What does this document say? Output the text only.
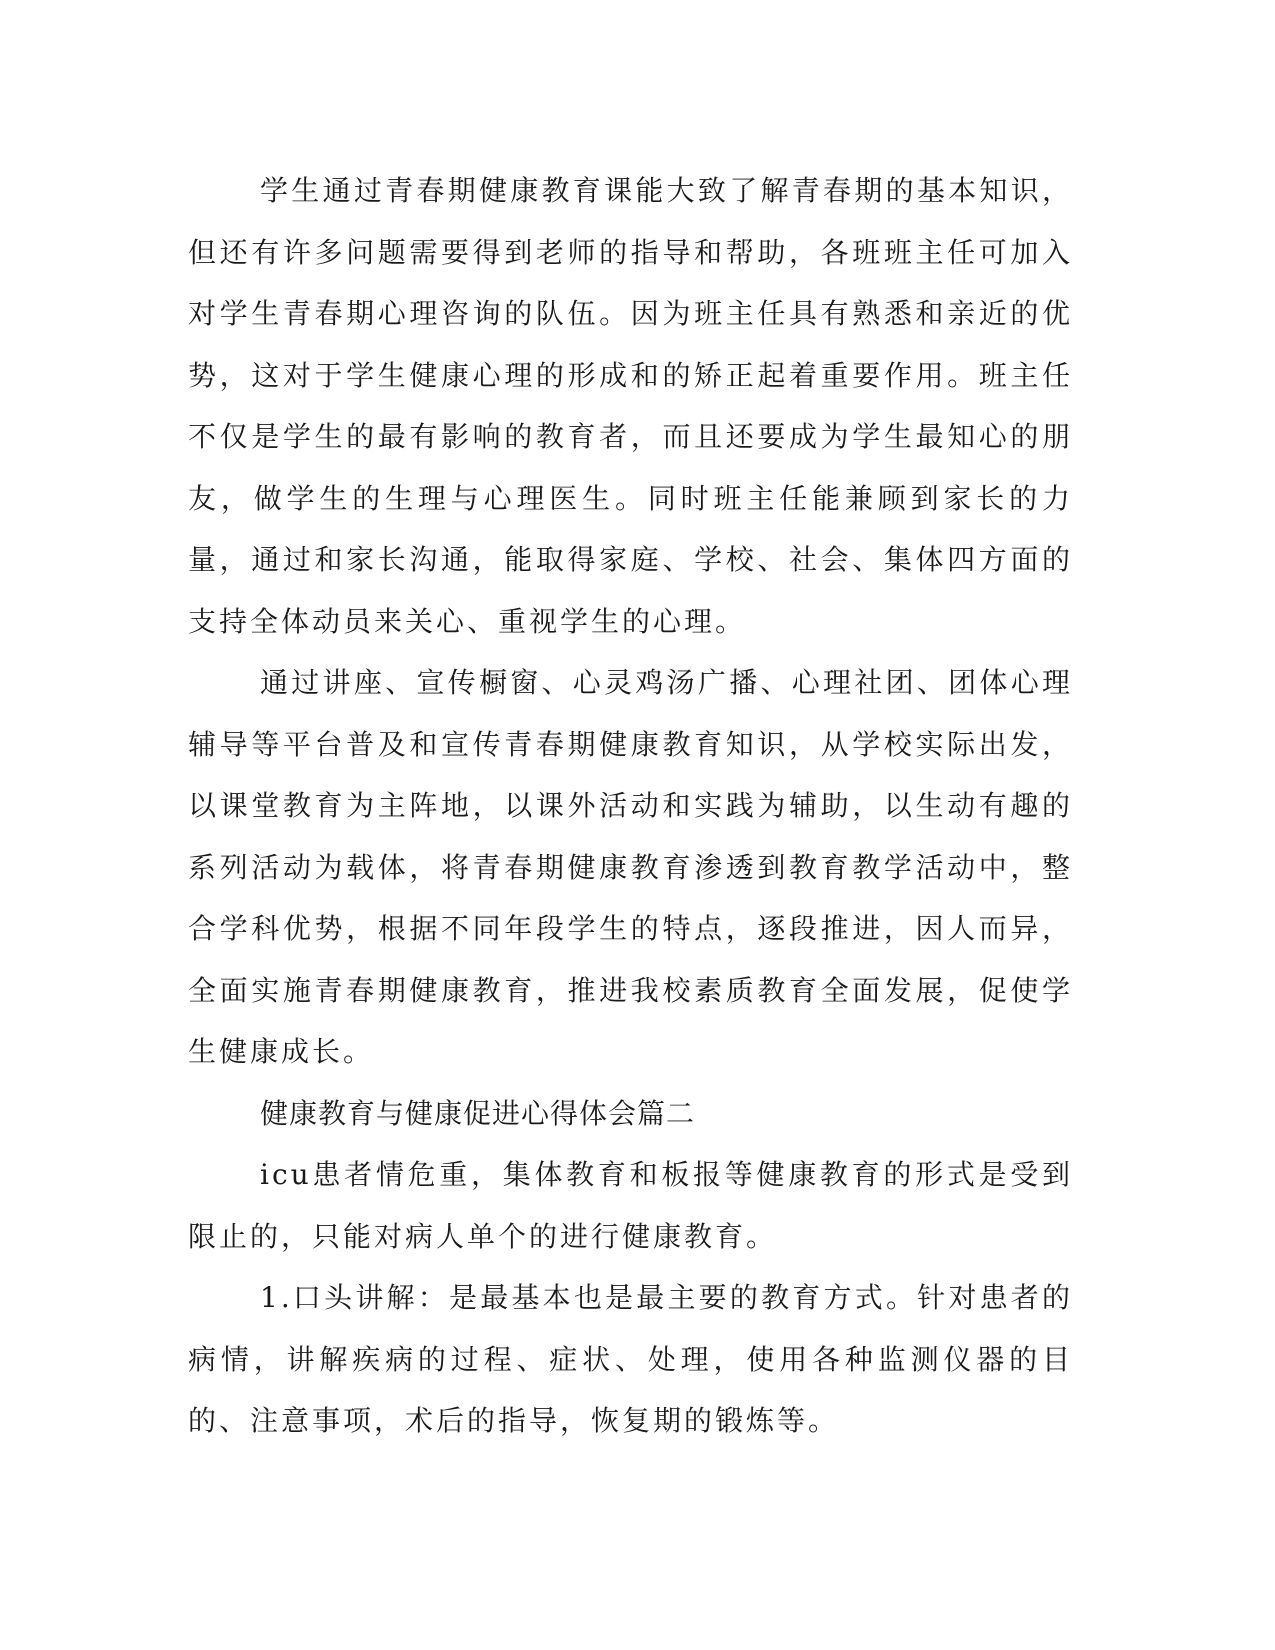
学生通过青春期健康教育课能大致了解青春期的基本知识，但还有许多问题需要得到老师的指导和帮助，各班班主任可加入对学生青春期心理咨询的队伍。因为班主任具有熟悉和亲近的优势，这对于学生健康心理的形成和的矫正起着重要作用。班主任不仅是学生的最有影响的教育者，而且还要成为学生最知心的朋友，做学生的生理与心理医生。同时班主任能兼顾到家长的力量，通过和家长沟通，能取得家庭、学校、社会、集体四方面的支持全体动员来关心、重视学生的心理。

通过讲座、宣传橱窗、心灵鸡汤广播、心理社团、团体心理辅导等平台普及和宣传青春期健康教育知识，从学校实际出发，以课堂教育为主阵地，以课外活动和实践为辅助，以生动有趣的系列活动为载体，将青春期健康教育渗透到教育教学活动中，整合学科优势，根据不同年段学生的特点，逐段推进，因人而异，全面实施青春期健康教育，推进我校素质教育全面发展，促使学生健康成长。

健康教育与健康促进心得体会篇二

icu患者情危重，集体教育和板报等健康教育的形式是受到限止的，只能对病人单个的进行健康教育。

1.口头讲解：是最基本也是最主要的教育方式。针对患者的病情，讲解疾病的过程、症状、处理，使用各种监测仪器的目的、注意事项，术后的指导，恢复期的锻炼等。
